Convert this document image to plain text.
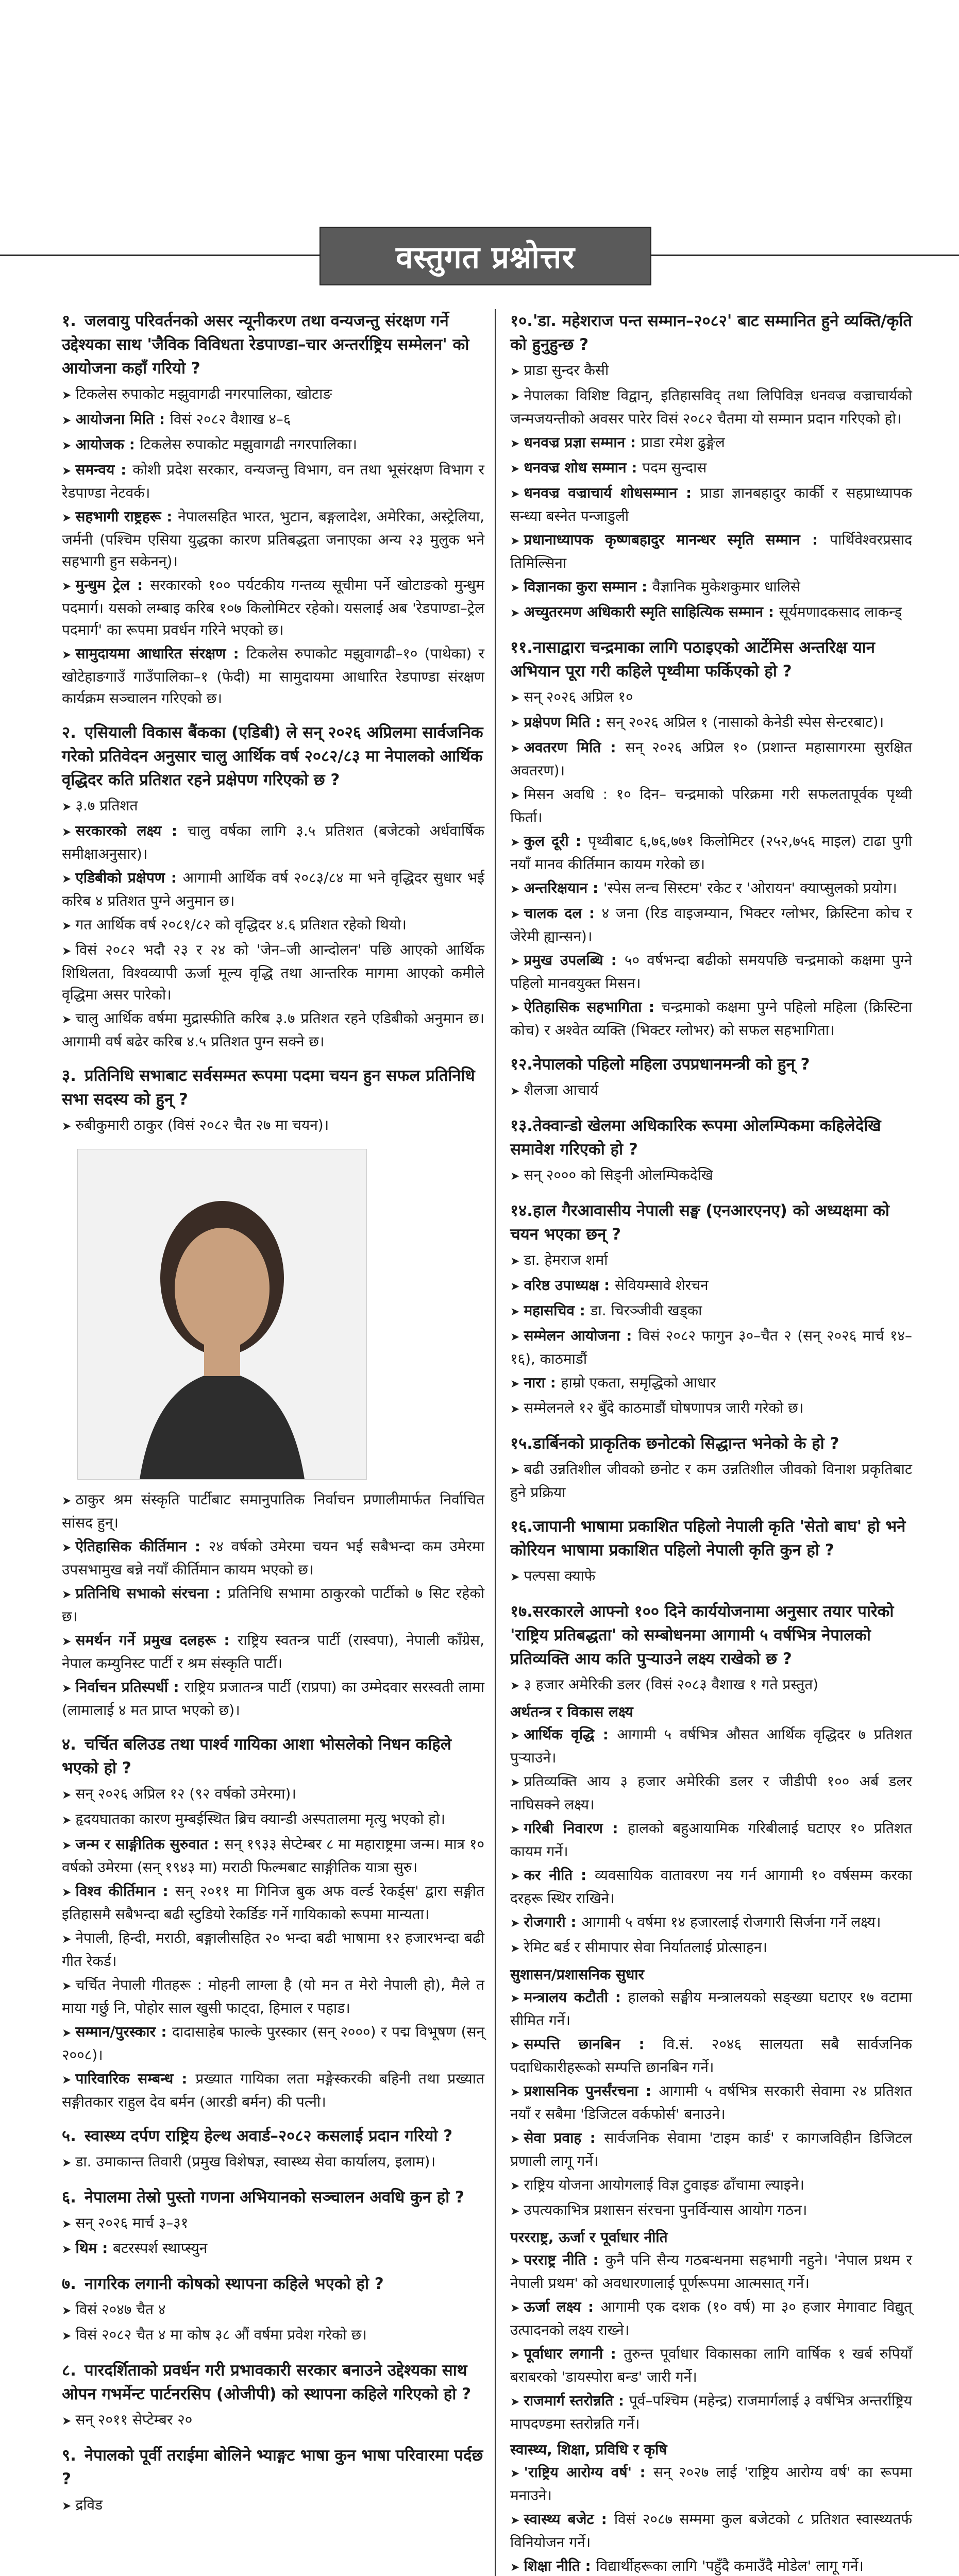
वस्तुगत प्रश्नोत्तर
१. जलवायु परिवर्तनको असर न्यूनीकरण तथा वन्यजन्तु संरक्षण गर्ने उद्देश्यका साथ 'जैविक विविधता रेडपाण्डा–चार अन्तर्राष्ट्रिय सम्मेलन' को आयोजना कहाँ गरियो ?
➤ टिकलेस रुपाकोट मझुवागढी नगरपालिका, खोटाङ
➤ आयोजना मिति : विसं २०८२ वैशाख ४–६
➤ आयोजक : टिकलेस रुपाकोट मझुवागढी नगरपालिका।
➤ समन्वय : कोशी प्रदेश सरकार, वन्यजन्तु विभाग, वन तथा भूसंरक्षण विभाग र रेडपाण्डा नेटवर्क।
➤ सहभागी राष्ट्रहरू : नेपालसहित भारत, भुटान, बङ्गलादेश, अमेरिका, अस्ट्रेलिया, जर्मनी (पश्चिम एसिया युद्धका कारण प्रतिबद्धता जनाएका अन्य २३ मुलुक भने सहभागी हुन सकेनन्)।
➤ मुन्धुम ट्रेल : सरकारको १०० पर्यटकीय गन्तव्य सूचीमा पर्ने खोटाङको मुन्धुम पदमार्ग। यसको लम्बाइ करिब १०७ किलोमिटर रहेको। यसलाई अब 'रेडपाण्डा–ट्रेल पदमार्ग' का रूपमा प्रवर्धन गरिने भएको छ।
➤ सामुदायमा आधारित संरक्षण : टिकलेस रुपाकोट मझुवागढी–१० (पाथेका) र खोटेहाङगाउँ गाउँपालिका–१ (फेदी) मा सामुदायमा आधारित रेडपाण्डा संरक्षण कार्यक्रम सञ्चालन गरिएको छ।
२. एसियाली विकास बैंकका (एडिबी) ले सन् २०२६ अप्रिलमा सार्वजनिक गरेको प्रतिवेदन अनुसार चालु आर्थिक वर्ष २०८२/८३ मा नेपालको आर्थिक वृद्धिदर कति प्रतिशत रहने प्रक्षेपण गरिएको छ ?
➤ ३.७ प्रतिशत
➤ सरकारको लक्ष्य : चालु वर्षका लागि ३.५ प्रतिशत (बजेटको अर्धवार्षिक समीक्षाअनुसार)।
➤ एडिबीको प्रक्षेपण : आगामी आर्थिक वर्ष २०८३/८४ मा भने वृद्धिदर सुधार भई करिब ४ प्रतिशत पुग्ने अनुमान छ।
➤ गत आर्थिक वर्ष २०८१/८२ को वृद्धिदर ४.६ प्रतिशत रहेको थियो।
➤ विसं २०८२ भदौ २३ र २४ को 'जेन–जी आन्दोलन' पछि आएको आर्थिक शिथिलता, विश्वव्यापी ऊर्जा मूल्य वृद्धि तथा आन्तरिक मागमा आएको कमीले वृद्धिमा असर पारेको।
➤ चालु आर्थिक वर्षमा मुद्रास्फीति करिब ३.७ प्रतिशत रहने एडिबीको अनुमान छ। आगामी वर्ष बढेर करिब ४.५ प्रतिशत पुग्न सक्ने छ।
३. प्रतिनिधि सभाबाट सर्वसम्मत रूपमा पदमा चयन हुन सफल प्रतिनिधि सभा सदस्य को हुन् ?
➤ रुबीकुमारी ठाकुर (विसं २०८२ चैत २७ मा चयन)।
➤ ठाकुर श्रम संस्कृति पार्टीबाट समानुपातिक निर्वाचन प्रणालीमार्फत निर्वाचित सांसद हुन्।
➤ ऐतिहासिक कीर्तिमान : २४ वर्षको उमेरमा चयन भई सबैभन्दा कम उमेरमा उपसभामुख बन्ने नयाँ कीर्तिमान कायम भएको छ।
➤ प्रतिनिधि सभाको संरचना : प्रतिनिधि सभामा ठाकुरको पार्टीको ७ सिट रहेको छ।
➤ समर्थन गर्ने प्रमुख दलहरू : राष्ट्रिय स्वतन्त्र पार्टी (रास्वपा), नेपाली काँग्रेस, नेपाल कम्युनिस्ट पार्टी र श्रम संस्कृति पार्टी।
➤ निर्वाचन प्रतिस्पर्धी : राष्ट्रिय प्रजातन्त्र पार्टी (राप्रपा) का उम्मेदवार सरस्वती लामा (लामालाई ४ मत प्राप्त भएको छ)।
४. चर्चित बलिउड तथा पार्श्व गायिका आशा भोसलेको निधन कहिले भएको हो ?
➤ सन् २०२६ अप्रिल १२ (९२ वर्षको उमेरमा)।
➤ हृदयघातका कारण मुम्बईस्थित ब्रिच क्यान्डी अस्पतालमा मृत्यु भएको हो।
➤ जन्म र साङ्गीतिक सुरुवात : सन् १९३३ सेप्टेम्बर ८ मा महाराष्ट्रमा जन्म। मात्र १० वर्षको उमेरमा (सन् १९४३ मा) मराठी फिल्मबाट साङ्गीतिक यात्रा सुरु।
➤ विश्व कीर्तिमान : सन् २०११ मा गिनिज बुक अफ वर्ल्ड रेकर्ड्स' द्वारा सङ्गीत इतिहासमै सबैभन्दा बढी स्टुडियो रेकर्डिङ गर्ने गायिकाको रूपमा मान्यता।
➤ नेपाली, हिन्दी, मराठी, बङ्गालीसहित २० भन्दा बढी भाषामा १२ हजारभन्दा बढी गीत रेकर्ड।
➤ चर्चित नेपाली गीतहरू : मोहनी लाग्ला है (यो मन त मेरो नेपाली हो), मैले त माया गर्छु नि, पोहोर साल खुसी फाट्दा, हिमाल र पहाड।
➤ सम्मान/पुरस्कार : दादासाहेब फाल्के पुरस्कार (सन् २०००) र पद्म विभूषण (सन् २००८)।
➤ पारिवारिक सम्बन्ध : प्रख्यात गायिका लता मङ्गेस्करकी बहिनी तथा प्रख्यात सङ्गीतकार राहुल देव बर्मन (आरडी बर्मन) की पत्नी।
५. स्वास्थ्य दर्पण राष्ट्रिय हेल्थ अवार्ड–२०८२ कसलाई प्रदान गरियो ?
➤ डा. उमाकान्त तिवारी (प्रमुख विशेषज्ञ, स्वास्थ्य सेवा कार्यालय, इलाम)।
६. नेपालमा तेस्रो पुस्तो गणना अभियानको सञ्चालन अवधि कुन हो ?
➤ सन् २०२६ मार्च ३–३१
➤ थिम : बटरस्पर्श स्थाप्स्युन
७. नागरिक लगानी कोषको स्थापना कहिले भएको हो ?
➤ विसं २०४७ चैत ४
➤ विसं २०८२ चैत ४ मा कोष ३८ औं वर्षमा प्रवेश गरेको छ।
८. पारदर्शिताको प्रवर्धन गरी प्रभावकारी सरकार बनाउने उद्देश्यका साथ ओपन गभर्मेन्ट पार्टनरसिप (ओजीपी) को स्थापना कहिले गरिएको हो ?
➤ सन् २०११ सेप्टेम्बर २०
९. नेपालको पूर्वी तराईमा बोलिने भ्याङ्गट भाषा कुन भाषा परिवारमा पर्दछ ?
➤ द्रविड
१०.'डा. महेशराज पन्त सम्मान–२०८२' बाट सम्मानित हुने व्यक्ति/कृति को हुनुहुन्छ ?
➤ प्राडा सुन्दर कैसी
➤ नेपालका विशिष्ट विद्वान्, इतिहासविद् तथा लिपिविज्ञ धनवज्र वज्राचार्यको जन्मजयन्तीको अवसर पारेर विसं २०८२ चैतमा यो सम्मान प्रदान गरिएको हो।
➤ धनवज्र प्रज्ञा सम्मान : प्राडा रमेश ढुङ्गेल
➤ धनवज्र शोध सम्मान : पदम सुन्दास
➤ धनवज्र वज्राचार्य शोधसम्मान : प्राडा ज्ञानबहादुर कार्की र सहप्राध्यापक सन्ध्या बस्नेत पन्जाडुली
➤ प्रधानाध्यापक कृष्णबहादुर मानन्धर स्मृति सम्मान : पार्थिवेश्वरप्रसाद तिमिल्सिना
➤ विज्ञानका कुरा सम्मान : वैज्ञानिक मुकेशकुमार धालिसे
➤ अच्युतरमण अधिकारी स्मृति साहित्यिक सम्मान : सूर्यमणादकसाद लाकन्ड्
११.नासाद्वारा चन्द्रमाका लागि पठाइएको आर्टेमिस अन्तरिक्ष यान अभियान पूरा गरी कहिले पृथ्वीमा फर्किएको हो ?
➤ सन् २०२६ अप्रिल १०
➤ प्रक्षेपण मिति : सन् २०२६ अप्रिल १ (नासाको केनेडी स्पेस सेन्टरबाट)।
➤ अवतरण मिति : सन् २०२६ अप्रिल १० (प्रशान्त महासागरमा सुरक्षित अवतरण)।
➤ मिसन अवधि : १० दिन– चन्द्रमाको परिक्रमा गरी सफलतापूर्वक पृथ्वी फिर्ता।
➤ कुल दूरी : पृथ्वीबाट ६,७६,७७१ किलोमिटर (२५२,७५६ माइल) टाढा पुगी नयाँ मानव कीर्तिमान कायम गरेको छ।
➤ अन्तरिक्षयान : 'स्पेस लन्च सिस्टम' रकेट र 'ओरायन' क्याप्सुलको प्रयोग।
➤ चालक दल : ४ जना (रिड वाइजम्यान, भिक्टर ग्लोभर, क्रिस्टिना कोच र जेरेमी ह्यान्सन)।
➤ प्रमुख उपलब्धि : ५० वर्षभन्दा बढीको समयपछि चन्द्रमाको कक्षमा पुग्ने पहिलो मानवयुक्त मिसन।
➤ ऐतिहासिक सहभागिता : चन्द्रमाको कक्षमा पुग्ने पहिलो महिला (क्रिस्टिना कोच) र अश्वेत व्यक्ति (भिक्टर ग्लोभर) को सफल सहभागिता।
१२.नेपालको पहिलो महिला उपप्रधानमन्त्री को हुन् ?
➤ शैलजा आचार्य
१३.तेक्वान्डो खेलमा अधिकारिक रूपमा ओलम्पिकमा कहिलेदेखि समावेश गरिएको हो ?
➤ सन् २००० को सिड्नी ओलम्पिकदेखि
१४.हाल गैरआवासीय नेपाली सङ्घ (एनआरएनए) को अध्यक्षमा को चयन भएका छन् ?
➤ डा. हेमराज शर्मा
➤ वरिष्ठ उपाध्यक्ष : सेवियम्सावे शेरचन
➤ महासचिव : डा. चिरञ्जीवी खड्का
➤ सम्मेलन आयोजना : विसं २०८२ फागुन ३०–चैत २ (सन् २०२६ मार्च १४–१६), काठमाडौं
➤ नारा : हाम्रो एकता, समृद्धिको आधार
➤ सम्मेलनले १२ बुँदे काठमाडौं घोषणापत्र जारी गरेको छ।
१५.डार्बिनको प्राकृतिक छनोटको सिद्धान्त भनेको के हो ?
➤ बढी उन्नतिशील जीवको छनोट र कम उन्नतिशील जीवको विनाश प्रकृतिबाट हुने प्रक्रिया
१६.जापानी भाषामा प्रकाशित पहिलो नेपाली कृति 'सेतो बाघ' हो भने कोरियन भाषामा प्रकाशित पहिलो नेपाली कृति कुन हो ?
➤ पल्पसा क्याफे
१७.सरकारले आफ्नो १०० दिने कार्ययोजनामा अनुसार तयार पारेको 'राष्ट्रिय प्रतिबद्धता' को सम्बोधनमा आगामी ५ वर्षभित्र नेपालको प्रतिव्यक्ति आय कति पुऱ्याउने लक्ष्य राखेको छ ?
➤ ३ हजार अमेरिकी डलर (विसं २०८३ वैशाख १ गते प्रस्तुत)
अर्थतन्त्र र विकास लक्ष्य
➤ आर्थिक वृद्धि : आगामी ५ वर्षभित्र औसत आर्थिक वृद्धिदर ७ प्रतिशत पुऱ्याउने।
➤ प्रतिव्यक्ति आय ३ हजार अमेरिकी डलर र जीडीपी १०० अर्ब डलर नाघिसक्ने लक्ष्य।
➤ गरिबी निवारण : हालको बहुआयामिक गरिबीलाई घटाएर १० प्रतिशत कायम गर्ने।
➤ कर नीति : व्यवसायिक वातावरण नय गर्न आगामी १० वर्षसम्म करका दरहरू स्थिर राखिने।
➤ रोजगारी : आगामी ५ वर्षमा १४ हजारलाई रोजगारी सिर्जना गर्ने लक्ष्य।
➤ रेमिट बर्ड र सीमापार सेवा निर्यातलाई प्रोत्साहन।
सुशासन/प्रशासनिक सुधार
➤ मन्त्रालय कटौती : हालको सङ्घीय मन्त्रालयको सङ्ख्या घटाएर १७ वटामा सीमित गर्ने।
➤ सम्पत्ति छानबिन : वि.सं. २०४६ सालयता सबै सार्वजनिक पदाधिकारीहरूको सम्पत्ति छानबिन गर्ने।
➤ प्रशासनिक पुनर्संरचना : आगामी ५ वर्षभित्र सरकारी सेवामा २४ प्रतिशत नयाँ र सबैमा 'डिजिटल वर्कफोर्स' बनाउने।
➤ सेवा प्रवाह : सार्वजनिक सेवामा 'टाइम कार्ड' र कागजविहीन डिजिटल प्रणाली लागू गर्ने।
➤ राष्ट्रिय योजना आयोगलाई विज्ञ टुवाइङ ढाँचामा ल्याइने।
➤ उपत्यकाभित्र प्रशासन संरचना पुनर्विन्यास आयोग गठन।
पररराष्ट्र, ऊर्जा र पूर्वाधार नीति
➤ परराष्ट्र नीति : कुनै पनि सैन्य गठबन्धनमा सहभागी नहुने। 'नेपाल प्रथम र नेपाली प्रथम' को अवधारणालाई पूर्णरूपमा आत्मसात् गर्ने।
➤ ऊर्जा लक्ष्य : आगामी एक दशक (१० वर्ष) मा ३० हजार मेगावाट विद्युत् उत्पादनको लक्ष्य राख्ने।
➤ पूर्वाधार लगानी : तुरुन्त पूर्वाधार विकासका लागि वार्षिक १ खर्ब रुपियाँ बराबरको 'डायस्पोरा बन्ड' जारी गर्ने।
➤ राजमार्ग स्तरोन्नति : पूर्व–पश्चिम (महेन्द्र) राजमार्गलाई ३ वर्षभित्र अन्तर्राष्ट्रिय मापदण्डमा स्तरोन्नति गर्ने।
स्वास्थ्य, शिक्षा, प्रविधि र कृषि
➤ 'राष्ट्रिय आरोग्य वर्ष' : सन् २०२७ लाई 'राष्ट्रिय आरोग्य वर्ष' का रूपमा मनाउने।
➤ स्वास्थ्य बजेट : विसं २०८७ सम्ममा कुल बजेटको ८ प्रतिशत स्वास्थ्यतर्फ विनियोजन गर्ने।
➤ शिक्षा नीति : विद्यार्थीहरूका लागि 'पहुँदै कमाउँदै मोडेल' लागू गर्ने।
